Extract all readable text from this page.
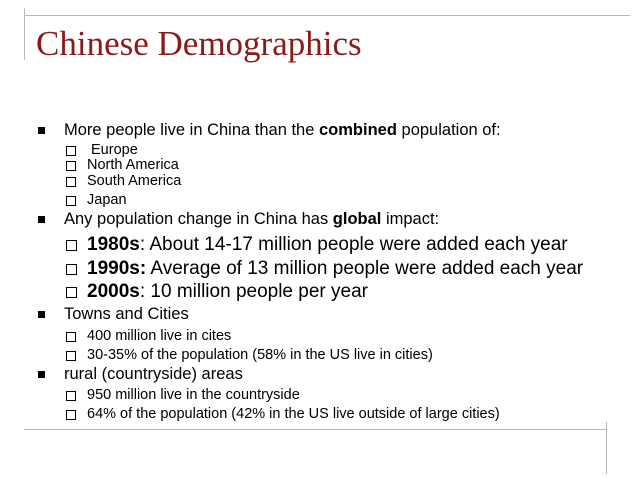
Chinese Demographics
More people live in China than the combined population of:
Europe
North America
South America
Japan
Any population change in China has global impact:
1980s: About 14-17 million people were added each year
1990s: Average of 13 million people were added each year
2000s: 10 million people per year
Towns and Cities
400 million live in cites
30-35% of the population (58% in the US live in cities)
rural (countryside) areas
950 million live in the countryside
64% of the population (42% in the US live outside of large cities)
